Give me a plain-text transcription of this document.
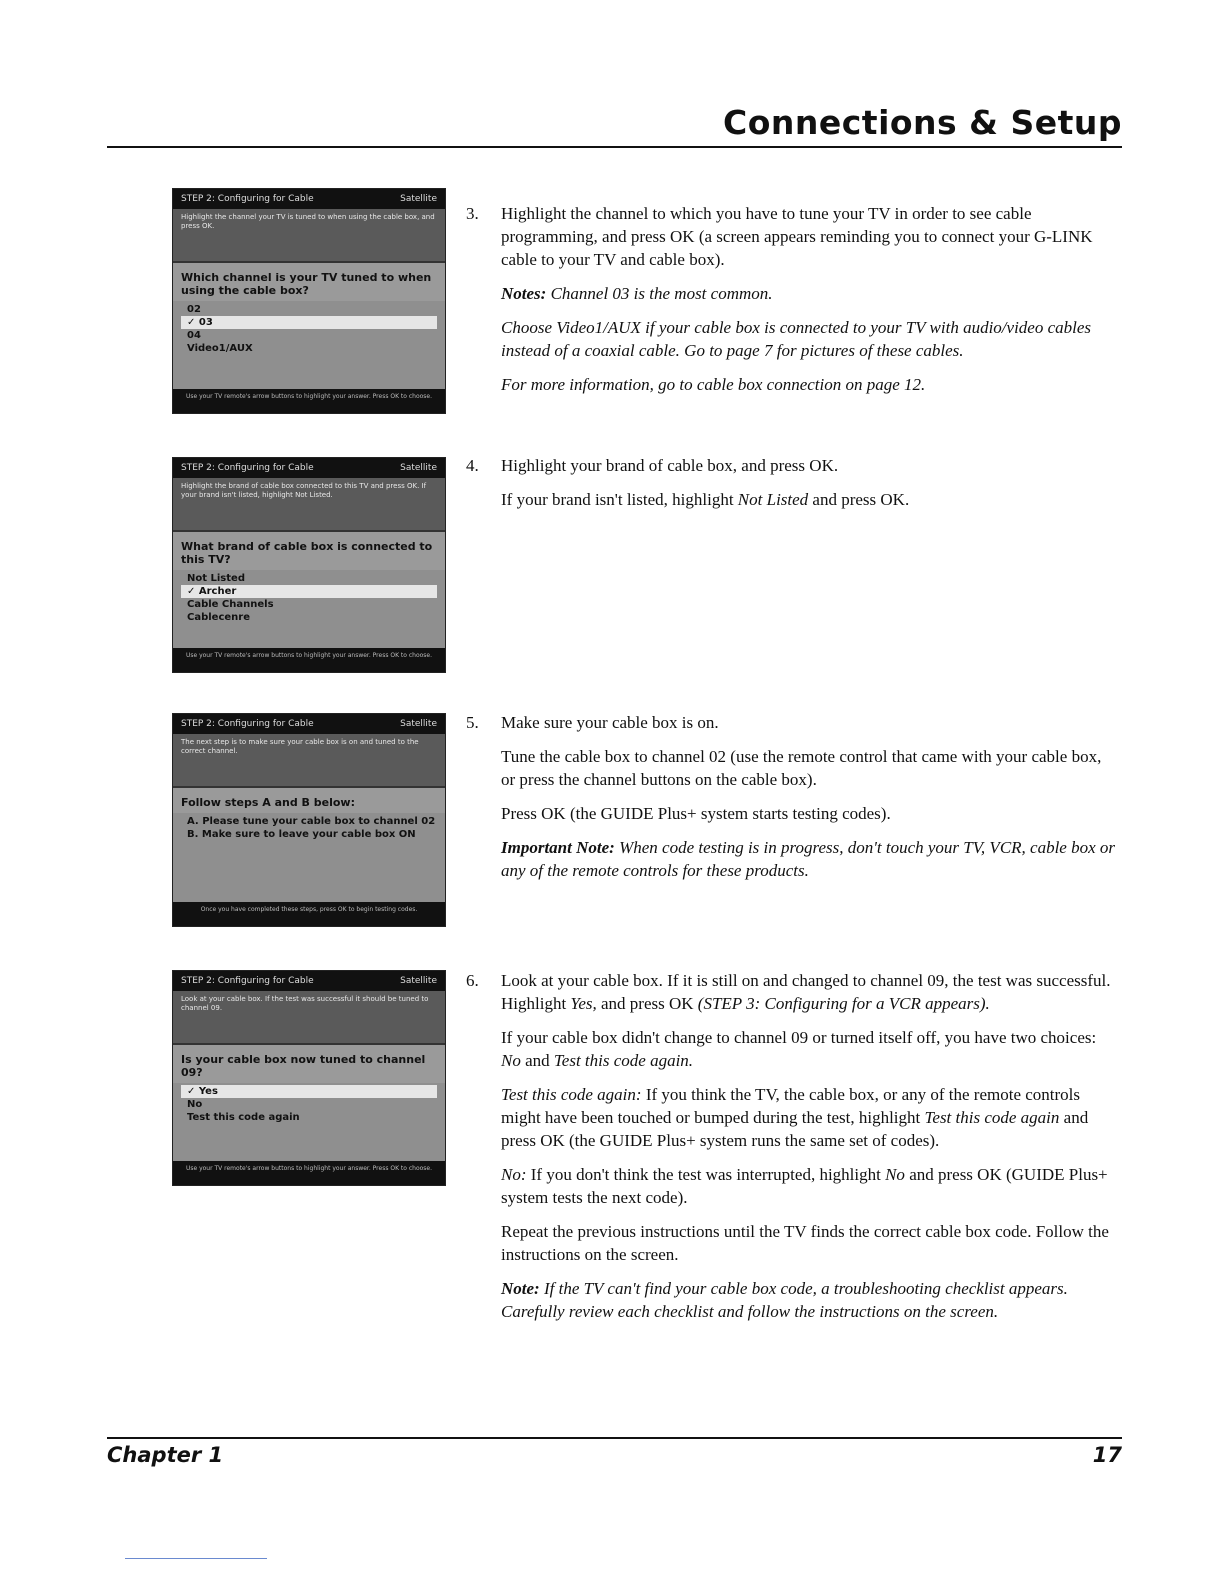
Connections & Setup
STEP 2: Configuring for Cable	Satellite
Highlight the channel your TV is tuned to when using the cable box, and press OK.
Which channel is your TV tuned to when using the cable box?
02
✓ 03
04
Video1/AUX
Use your TV remote's arrow buttons to highlight your answer. Press OK to choose.
STEP 2: Configuring for Cable	Satellite
Highlight the brand of cable box connected to this TV and press OK. If your brand isn't listed, highlight Not Listed.
What brand of cable box is connected to this TV?
Not Listed
✓ Archer
Cable Channels
Cablecenre
Use your TV remote's arrow buttons to highlight your answer. Press OK to choose.
STEP 2: Configuring for Cable	Satellite
The next step is to make sure your cable box is on and tuned to the correct channel.
Follow steps A and B below:
A. Please tune your cable box to channel 02
B. Make sure to leave your cable box ON
Once you have completed these steps, press OK to begin testing codes.
STEP 2: Configuring for Cable	Satellite
Look at your cable box. If the test was successful it should be tuned to channel 09.
Is your cable box now tuned to channel 09?
✓ Yes
No
Test this code again
Use your TV remote's arrow buttons to highlight your answer. Press OK to choose.
3. Highlight the channel to which you have to tune your TV in order to see cable programming, and press OK (a screen appears reminding you to connect your G-LINK cable to your TV and cable box).

Notes: Channel 03 is the most common.

Choose Video1/AUX if your cable box is connected to your TV with audio/video cables instead of a coaxial cable. Go to page 7 for pictures of these cables.

For more information, go to cable box connection on page 12.

4. Highlight your brand of cable box, and press OK.

If your brand isn't listed, highlight Not Listed and press OK.

5. Make sure your cable box is on.

Tune the cable box to channel 02 (use the remote control that came with your cable box, or press the channel buttons on the cable box).

Press OK (the GUIDE Plus+ system starts testing codes).

Important Note: When code testing is in progress, don't touch your TV, VCR, cable box or any of the remote controls for these products.

6. Look at your cable box. If it is still on and changed to channel 09, the test was successful. Highlight Yes, and press OK (STEP 3: Configuring for a VCR appears).

If your cable box didn't change to channel 09 or turned itself off, you have two choices: No and Test this code again.

Test this code again: If you think the TV, the cable box, or any of the remote controls might have been touched or bumped during the test, highlight Test this code again and press OK (the GUIDE Plus+ system runs the same set of codes).

No: If you don't think the test was interrupted, highlight No and press OK (GUIDE Plus+ system tests the next code).

Repeat the previous instructions until the TV finds the correct cable box code. Follow the instructions on the screen.

Note: If the TV can't find your cable box code, a troubleshooting checklist appears. Carefully review each checklist and follow the instructions on the screen.

Chapter 1	17
